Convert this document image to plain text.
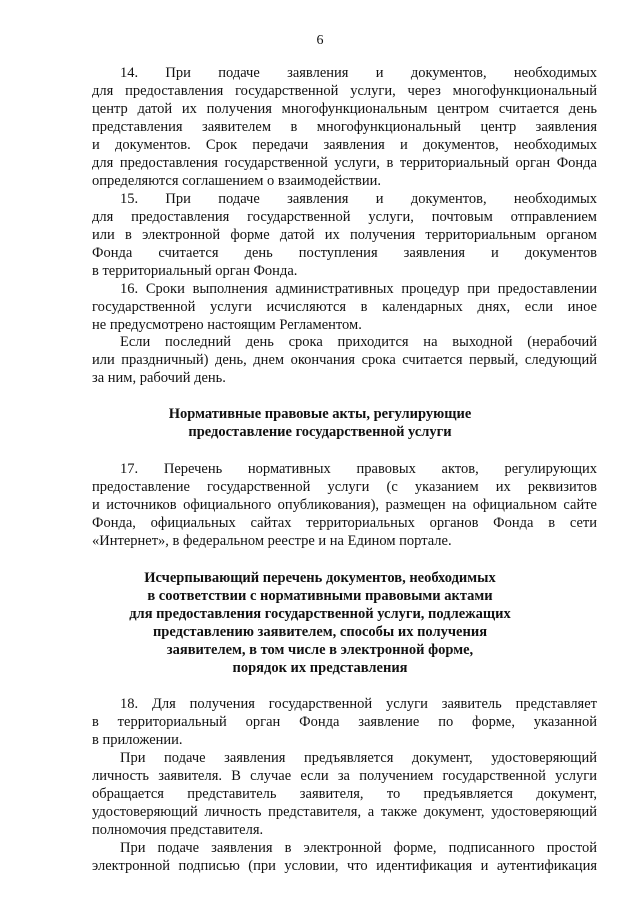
6
14. При подаче заявления и документов, необходимых
для предоставления государственной услуги, через многофункциональный
центр датой их получения многофункциональным центром считается день
представления заявителем в многофункциональный центр заявления
и документов. Срок передачи заявления и документов, необходимых
для предоставления государственной услуги, в территориальный орган Фонда
определяются соглашением о взаимодействии.
15. При подаче заявления и документов, необходимых
для предоставления государственной услуги, почтовым отправлением
или в электронной форме датой их получения территориальным органом
Фонда считается день поступления заявления и документов
в территориальный орган Фонда.
16. Сроки выполнения административных процедур при предоставлении
государственной услуги исчисляются в календарных днях, если иное
не предусмотрено настоящим Регламентом.
Если последний день срока приходится на выходной (нерабочий
или праздничный) день, днем окончания срока считается первый, следующий
за ним, рабочий день.
Нормативные правовые акты, регулирующие
предоставление государственной услуги
17. Перечень нормативных правовых актов, регулирующих
предоставление государственной услуги (с указанием их реквизитов
и источников официального опубликования), размещен на официальном сайте
Фонда, официальных сайтах территориальных органов Фонда в сети
«Интернет», в федеральном реестре и на Едином портале.
Исчерпывающий перечень документов, необходимых
в соответствии с нормативными правовыми актами
для предоставления государственной услуги, подлежащих
представлению заявителем, способы их получения
заявителем, в том числе в электронной форме,
порядок их представления
18. Для получения государственной услуги заявитель представляет
в территориальный орган Фонда заявление по форме, указанной
в приложении.
При подаче заявления предъявляется документ, удостоверяющий
личность заявителя. В случае если за получением государственной услуги
обращается представитель заявителя, то предъявляется документ,
удостоверяющий личность представителя, а также документ, удостоверяющий
полномочия представителя.
При подаче заявления в электронной форме, подписанного простой
электронной подписью (при условии, что идентификация и аутентификация
